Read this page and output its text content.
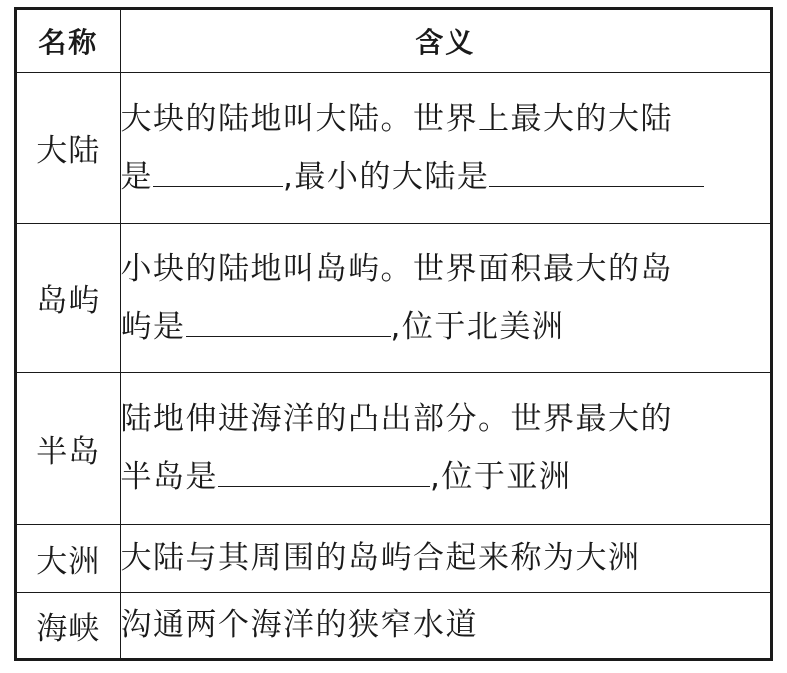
名称	含义
大陆	大块的陆地叫大陆。世界上最大的大陆
是 ,最小的大陆是

岛屿	小块的陆地叫岛屿。世界面积最大的岛
屿是 ,位于北美洲

半岛	陆地伸进海洋的凸出部分。世界最大的
半岛是 ,位于亚洲

大洲	大陆与其周围的岛屿合起来称为大洲

海峡	沟通两个海洋的狭窄水道
